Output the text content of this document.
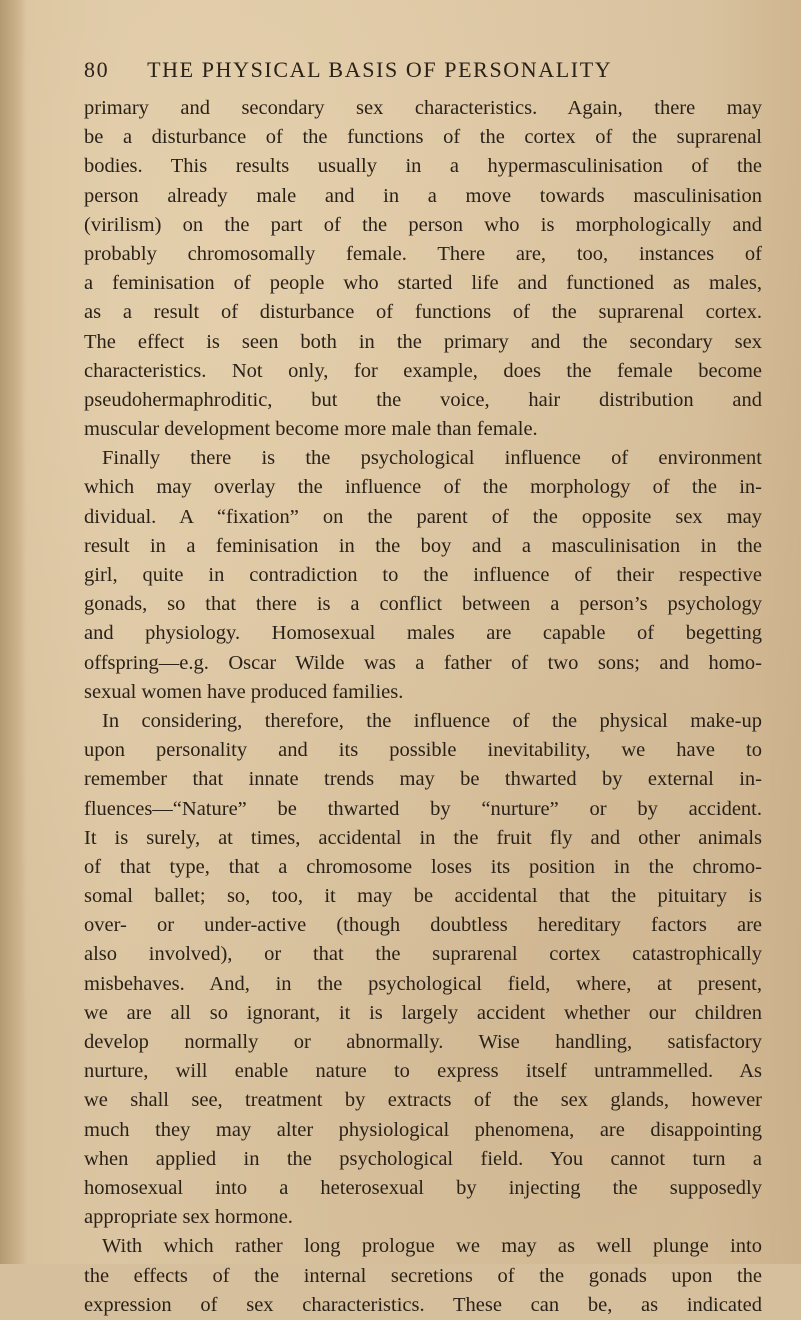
80 THE PHYSICAL BASIS OF PERSONALITY
primary and secondary sex characteristics. Again, there may
be a disturbance of the functions of the cortex of the suprarenal
bodies. This results usually in a hypermasculinisation of the
person already male and in a move towards masculinisation
(virilism) on the part of the person who is morphologically and
probably chromosomally female. There are, too, instances of
a feminisation of people who started life and functioned as males,
as a result of disturbance of functions of the suprarenal cortex.
The effect is seen both in the primary and the secondary sex
characteristics. Not only, for example, does the female become
pseudohermaphroditic, but the voice, hair distribution and
muscular development become more male than female.
Finally there is the psychological influence of environment
which may overlay the influence of the morphology of the in-
dividual. A “fixation” on the parent of the opposite sex may
result in a feminisation in the boy and a masculinisation in the
girl, quite in contradiction to the influence of their respective
gonads, so that there is a conflict between a person’s psychology
and physiology. Homosexual males are capable of begetting
offspring—e.g. Oscar Wilde was a father of two sons; and homo-
sexual women have produced families.
In considering, therefore, the influence of the physical make-up
upon personality and its possible inevitability, we have to
remember that innate trends may be thwarted by external in-
fluences—“Nature” be thwarted by “nurture” or by accident.
It is surely, at times, accidental in the fruit fly and other animals
of that type, that a chromosome loses its position in the chromo-
somal ballet; so, too, it may be accidental that the pituitary is
over- or under-active (though doubtless hereditary factors are
also involved), or that the suprarenal cortex catastrophically
misbehaves. And, in the psychological field, where, at present,
we are all so ignorant, it is largely accident whether our children
develop normally or abnormally. Wise handling, satisfactory
nurture, will enable nature to express itself untrammelled. As
we shall see, treatment by extracts of the sex glands, however
much they may alter physiological phenomena, are disappointing
when applied in the psychological field. You cannot turn a
homosexual into a heterosexual by injecting the supposedly
appropriate sex hormone.
With which rather long prologue we may as well plunge into
the effects of the internal secretions of the gonads upon the
expression of sex characteristics. These can be, as indicated
